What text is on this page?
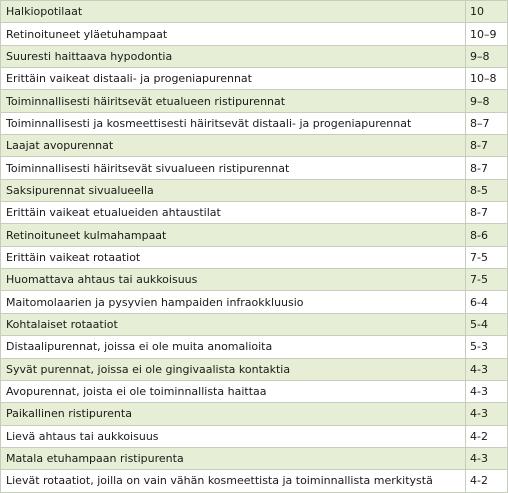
Halkiopotilaat	10
Retinoituneet yläetuhampaat	10–9
Suuresti haittaava hypodontia	9–8
Erittäin vaikeat distaali- ja progeniapurennat	10–8
Toiminnallisesti häiritsevät etualueen ristipurennat	9–8
Toiminnallisesti ja kosmeettisesti häiritsevät distaali- ja progeniapurennat	8–7
Laajat avopurennat	8-7
Toiminnallisesti häiritsevät sivualueen ristipurennat	8-7
Saksipurennat sivualueella	8-5
Erittäin vaikeat etualueiden ahtaustilat	8-7
Retinoituneet kulmahampaat	8-6
Erittäin vaikeat rotaatiot	7-5
Huomattava ahtaus tai aukkoisuus	7-5
Maitomolaarien ja pysyvien hampaiden infraokkluusio	6-4
Kohtalaiset rotaatiot	5-4
Distaalipurennat, joissa ei ole muita anomalioita	5-3
Syvät purennat, joissa ei ole gingivaalista kontaktia	4-3
Avopurennat, joista ei ole toiminnallista haittaa	4-3
Paikallinen ristipurenta	4-3
Lievä ahtaus tai aukkoisuus	4-2
Matala etuhampaan ristipurenta	4-3
Lievät rotaatiot, joilla on vain vähän kosmeettista ja toiminnallista merkitystä	4-2
